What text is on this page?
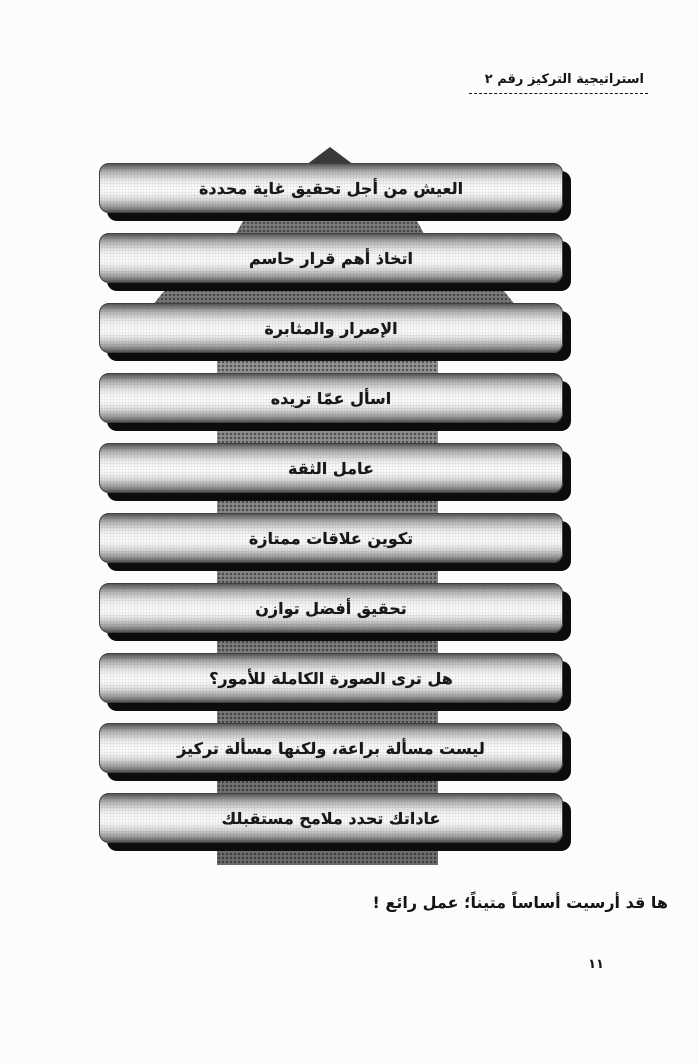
استراتيجية التركيز رقم ٢
العيش من أجل تحقيق غاية محددة
اتخاذ أهم قرار حاسم
الإصرار والمثابرة
اسأل عمّا تريده
عامل الثقة
تكوين علاقات ممتازة
تحقيق أفضل توازن
هل ترى الصورة الكاملة للأمور؟
ليست مسألة براعة، ولكنها مسألة تركيز
عاداتك تحدد ملامح مستقبلك
ها قد أرسيت أساساً متيناً؛ عمل رائع !
١١
